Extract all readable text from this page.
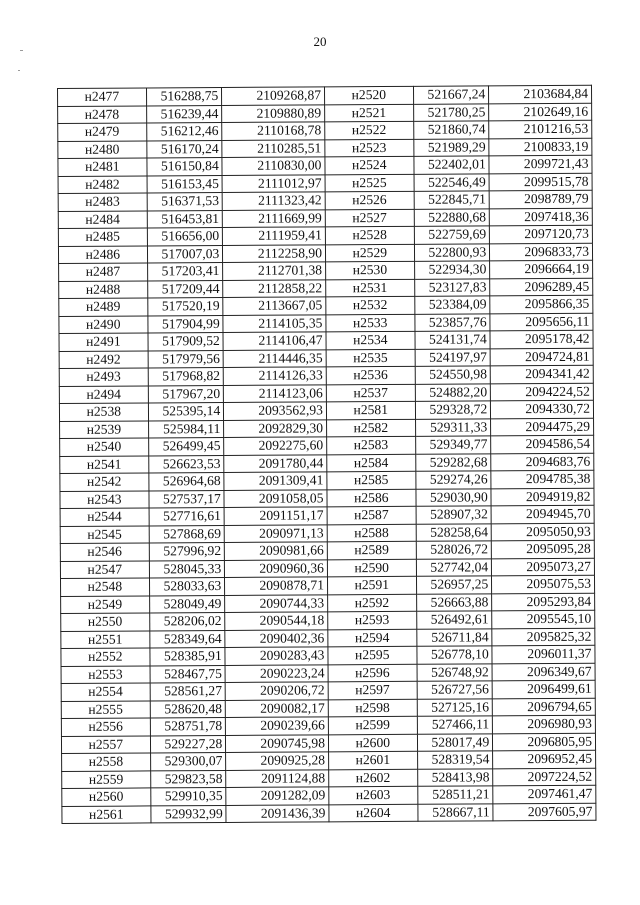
20
н2477	516288,75	2109268,87	н2520	521667,24	2103684,84
н2478	516239,44	2109880,89	н2521	521780,25	2102649,16
н2479	516212,46	2110168,78	н2522	521860,74	2101216,53
н2480	516170,24	2110285,51	н2523	521989,29	2100833,19
н2481	516150,84	2110830,00	н2524	522402,01	2099721,43
н2482	516153,45	2111012,97	н2525	522546,49	2099515,78
н2483	516371,53	2111323,42	н2526	522845,71	2098789,79
н2484	516453,81	2111669,99	н2527	522880,68	2097418,36
н2485	516656,00	2111959,41	н2528	522759,69	2097120,73
н2486	517007,03	2112258,90	н2529	522800,93	2096833,73
н2487	517203,41	2112701,38	н2530	522934,30	2096664,19
н2488	517209,44	2112858,22	н2531	523127,83	2096289,45
н2489	517520,19	2113667,05	н2532	523384,09	2095866,35
н2490	517904,99	2114105,35	н2533	523857,76	2095656,11
н2491	517909,52	2114106,47	н2534	524131,74	2095178,42
н2492	517979,56	2114446,35	н2535	524197,97	2094724,81
н2493	517968,82	2114126,33	н2536	524550,98	2094341,42
н2494	517967,20	2114123,06	н2537	524882,20	2094224,52
н2538	525395,14	2093562,93	н2581	529328,72	2094330,72
н2539	525984,11	2092829,30	н2582	529311,33	2094475,29
н2540	526499,45	2092275,60	н2583	529349,77	2094586,54
н2541	526623,53	2091780,44	н2584	529282,68	2094683,76
н2542	526964,68	2091309,41	н2585	529274,26	2094785,38
н2543	527537,17	2091058,05	н2586	529030,90	2094919,82
н2544	527716,61	2091151,17	н2587	528907,32	2094945,70
н2545	527868,69	2090971,13	н2588	528258,64	2095050,93
н2546	527996,92	2090981,66	н2589	528026,72	2095095,28
н2547	528045,33	2090960,36	н2590	527742,04	2095073,27
н2548	528033,63	2090878,71	н2591	526957,25	2095075,53
н2549	528049,49	2090744,33	н2592	526663,88	2095293,84
н2550	528206,02	2090544,18	н2593	526492,61	2095545,10
н2551	528349,64	2090402,36	н2594	526711,84	2095825,32
н2552	528385,91	2090283,43	н2595	526778,10	2096011,37
н2553	528467,75	2090223,24	н2596	526748,92	2096349,67
н2554	528561,27	2090206,72	н2597	526727,56	2096499,61
н2555	528620,48	2090082,17	н2598	527125,16	2096794,65
н2556	528751,78	2090239,66	н2599	527466,11	2096980,93
н2557	529227,28	2090745,98	н2600	528017,49	2096805,95
н2558	529300,07	2090925,28	н2601	528319,54	2096952,45
н2559	529823,58	2091124,88	н2602	528413,98	2097224,52
н2560	529910,35	2091282,09	н2603	528511,21	2097461,47
н2561	529932,99	2091436,39	н2604	528667,11	2097605,97
